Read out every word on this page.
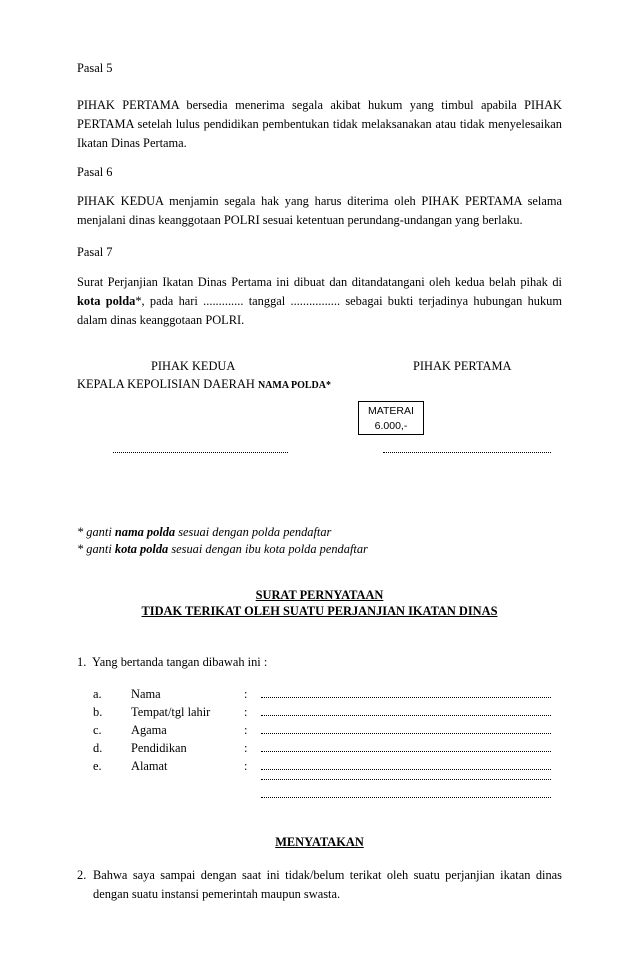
Pasal 5
PIHAK PERTAMA bersedia menerima segala akibat hukum yang timbul apabila PIHAK PERTAMA setelah lulus pendidikan pembentukan tidak melaksanakan atau tidak menyelesaikan Ikatan Dinas Pertama.
Pasal 6
PIHAK KEDUA menjamin segala hak yang harus diterima oleh PIHAK PERTAMA selama menjalani dinas keanggotaan POLRI sesuai ketentuan perundang-undangan yang berlaku.
Pasal 7
Surat Perjanjian Ikatan Dinas Pertama ini dibuat dan ditandatangani oleh kedua belah pihak di kota polda*, pada hari ............. tanggal ................ sebagai bukti terjadinya hubungan hukum dalam dinas keanggotaan POLRI.
PIHAK KEDUA	PIHAK PERTAMA
KEPALA KEPOLISIAN DAERAH NAMA POLDA*
MATERAI
6.000,-
* ganti nama polda sesuai dengan polda pendaftar
* ganti kota polda sesuai dengan ibu kota polda pendaftar
SURAT PERNYATAAN
TIDAK TERIKAT OLEH SUATU PERJANJIAN IKATAN DINAS
1.  Yang bertanda tangan dibawah ini :
a. Nama	:
b. Tempat/tgl lahir	:
c. Agama	:
d. Pendidikan	:
e. Alamat	:
MENYATAKAN
2. Bahwa saya sampai dengan saat ini tidak/belum terikat oleh suatu perjanjian ikatan dinas dengan suatu instansi pemerintah maupun swasta.
